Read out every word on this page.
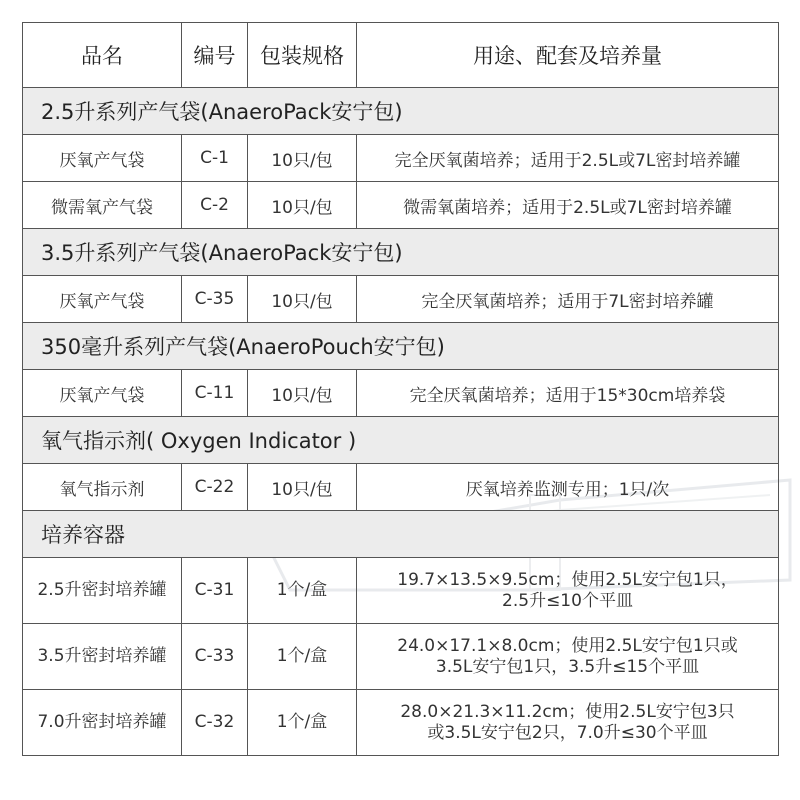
品名	编号	包装规格	用途、配套及培养量
2.5升系列产气袋(AnaeroPack安宁包)			
厌氧产气袋	C-1	10只/包	完全厌氧菌培养；适用于2.5L或7L密封培养罐
微需氧产气袋	C-2	10只/包	微需氧菌培养；适用于2.5L或7L密封培养罐
3.5升系列产气袋(AnaeroPack安宁包)			
厌氧产气袋	C-35	10只/包	完全厌氧菌培养；适用于7L密封培养罐
350毫升系列产气袋(AnaeroPouch安宁包)			
厌氧产气袋	C-11	10只/包	完全厌氧菌培养；适用于15*30cm培养袋
氧气指示剂( Oxygen Indicator )			
氧气指示剂	C-22	10只/包	厌氧培养监测专用；1只/次
培养容器			
2.5升密封培养罐	C-31	1个/盒	19.7×13.5×9.5cm；使用2.5L安宁包1只，
2.5升≤10个平皿

3.5升密封培养罐	C-33	1个/盒	24.0×17.1×8.0cm；使用2.5L安宁包1只或
3.5L安宁包1只，3.5升≤15个平皿

7.0升密封培养罐	C-32	1个/盒	28.0×21.3×11.2cm；使用2.5L安宁包3只
或3.5L安宁包2只，7.0升≤30个平皿
